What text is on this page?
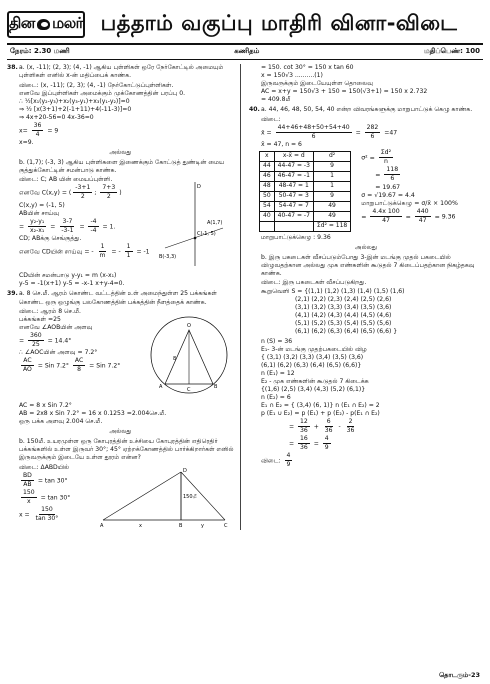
தின மலர் பத்தாம் வகுப்பு மாதிரி வினா-விடை
நேரம்: 2.30 மணி	கணிதம்	மதிப்பெண்: 100
38. a. (x, -11); (2, 3); (4, -1) ஆகிய புள்ளிகள் ஒரே நேர்கோட்டில் அமையும் புள்ளிகள் எனில் x-ன் மதிப்பைக் காண்க.
விடை: (x, -11); (2, 3); (4, -1) நேர்கோட்டுப்புள்ளிகள்.
எனவே இப்புள்ளிகள் அமைக்கும் முக்கோணத்தின் பரப்பு 0.
∴ ½[x₁(y₂-y₃)+x₂(y₃-y₁)+x₃(y₁-y₂)]=0
⇒ ½ [x(3+1)+2(-1+11)+4(-11-3)]=0
⇒ 4x+20-56=0 4x-36=0
$x= \frac{36}{4} = 9$
x=9.
அல்லது
b. (1,7); (-3, 3) ஆகிய புள்ளிகளை இணைக்கும் கோட்டுத் துண்டின் மைய குத்துக்கோட்டின் சமன்பாடு காண்க.
விடை: C; AB யின் மையப்புள்ளி.
எனவே C(x,y) = ( $\frac{-3+1}{2}$ ; $\frac{7+3}{2}$ )
C(x,y) = (-1, 5)
ABயின் சாய்வு
= $\frac{\text{y₂-y₁}}{\text{x₂-x₁}} = \frac{3-7}{-3-1} = \frac{-4}{-4} = 1$.
CD; ABக்கு செங்குத்து.
எனவே CDயின் சாய்வு = - $\frac{1}{m}$ = - $\frac{1}{1} = -1$
C(-1, 5)
A(1,7)
B(-3,3)
D
CDயின் சமன்பாடு y-y₁ = m (x-x₁)
y-5 = -1(x+1) y-5 = -x-1 x+y-4=0.
39. a. 8 செ.மீ. ஆரம் கொண்ட வட்டத்தின் உள் அமைந்துள்ள 25 பக்கங்கள் கொண்ட ஒரு ஒழுங்கு பலகோணத்தின் பக்கத்தின் நீளத்தைக் காண்க.
விடை: ஆரம் 8 செ.மீ.
பக்கங்கள் =25
எனவே ∠AOBயின் அளவு
= $\frac{360}{25} = 14.4^\circ$
∴ ∠AOCயின் அளவு = 7.2°
$\frac{AC}{AO}$ = Sin $7.2^\circ \frac{AC}{8}$ = Sin 7.2°
O
A	B
C
8
AC = 8 x Sin 7.2°
AB = 2x8 x Sin 7.2° = 16 x 0.1253 =2.004செ.மீ.
ஒரு பக்க அளவு 2.004 செ.மீ.
அல்லது
b. 150மீ. உயரமுள்ள ஒரு கோபுரத்தின் உச்சியை கோபுரத்தின் எதிரெதிர் பக்கங்களில் உள்ள இருவர் 30°; 45° ஏற்றக்கோணத்தில் பார்க்கிறார்கள் எனில் இருவருக்கும் இடையே உள்ள தூரம் என்ன?
விடை: ΔABDயில்
$\frac{BD}{AB} = \tan 30^\circ$
$\frac{150}{x} = \tan 30^\circ$
$x = \frac{150}{\tan 30^\circ}$
D
A	B	C
150மீ
x	y
= 150. cot 30° = 150 x tan 60
x = 150√3 ..........(1)
இருவருக்கும் இடையேயுள்ள தொலைவு
AC = x+y = 150√3 + 150 = 150(√3+1) = 150 x 2.732
= 409.8மீ
40. a. 44, 46, 48, 50, 54, 40 என்ற விவரங்களுக்கு மாறுபாட்டுக் கெழு காண்க.
விடை:
x̄ = $\frac{44+46+48+50+54+40}{6} = \frac{282}{6} =47$
x̄ = 47, n = 6
x	x-x̄ = d	d²
44	44-47 = -3	9
46	46-47 = -1	1
48	48-47 = 1	1
50	50-47 = 3	9
54	54-47 = 7	49
40	40-47 = -7	49
		Σd² = 118
$\sigma^2 = \frac{\text{Σd²}}{n}$
= $\frac{118}{6}$
= 19.67
σ = √19.67 = 4.4
மாறுபாட்டுக்கெழு = σ/x̄ × 100%
= $\frac{4.4x 100}{47} = \frac{440}{47} = 9.36$
மாறுபாட்டுக்கெழு : 9.36
அல்லது
b. இரு பகடைகள் வீசப்படும்போது 3-இன் மடங்கு முதல் பகடையில் விழுவதற்கான அல்லது முக எண்களின் கூடுதல் 7 கிடைப்பதற்கான நிகழ்தகவு காண்க.
விடை: இரு பகடைகள் வீசப்படுகிறது.
கூறுவெளி S = {(1,1) (1,2) (1,3) (1,4) (1,5) (1,6)
(2,1) (2,2) (2,3) (2,4) (2,5) (2,6)
(3,1) (3,2) (3,3) (3,4) (3,5) (3,6)
(4,1) (4,2) (4,3) (4,4) (4,5) (4,6)
(5,1) (5,2) (5,3) (5,4) (5,5) (5,6)
(6,1) (6,2) (6,3) (6,4) (6,5) (6,6) }
n (S) = 36
E₁- 3-ன் மடங்கு முதற்பகடையில் விழ
{ (3,1) (3,2) (3,3) (3,4) (3,5) (3,6)
(6,1) (6,2) (6,3) (6,4) (6,5) (6,6)}
n (E₁) = 12
E₂ - முக எண்களின் கூடுதல் 7 கிடைக்க
{(1,6) (2,5) (3,4) (4,3) (5,2) (6,1)}
n (E₂) = 6
E₁ ∩ E₂ = { (3,4) (6, 1)} n (E₁ ∩ E₂) = 2
p (E₁ ∪ E₂) = p (E₁) + p (E₂) - p(E₁ ∩ E₂)
= $\frac{12}{36} + \frac{6}{36} - \frac{2}{36}$
= $\frac{16}{36} = \frac{4}{9}$
விடை: $\frac{4}{9}$
தொடரும்-23
